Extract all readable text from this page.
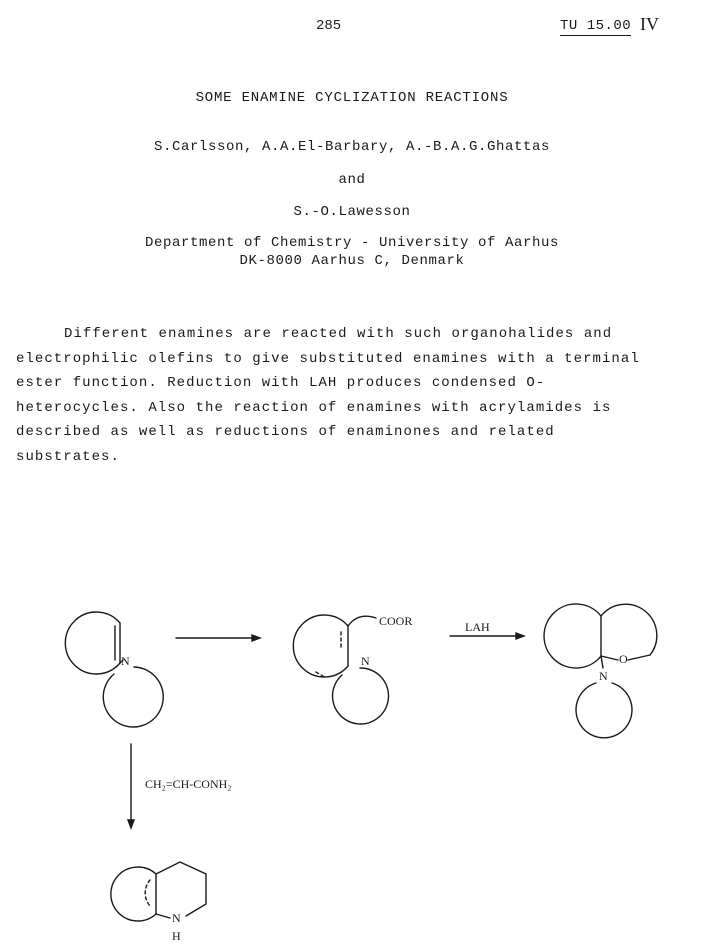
285	TU 15.00 IV
SOME ENAMINE CYCLIZATION REACTIONS
S.Carlsson, A.A.El-Barbary, A.-B.A.G.Ghattas
and
S.-O.Lawesson
Department of Chemistry - University of Aarhus
DK-8000 Aarhus C, Denmark
Different enamines are reacted with such organohalides and electrophilic olefins to give substituted enamines with a terminal ester function. Reduction with LAH produces condensed O-heterocycles. Also the reaction of enamines with acrylamides is described as well as reductions of enaminones and related substrates.
N
COOR
N
LAH
O
N
CH₂=CH-CONH₂
N
H
